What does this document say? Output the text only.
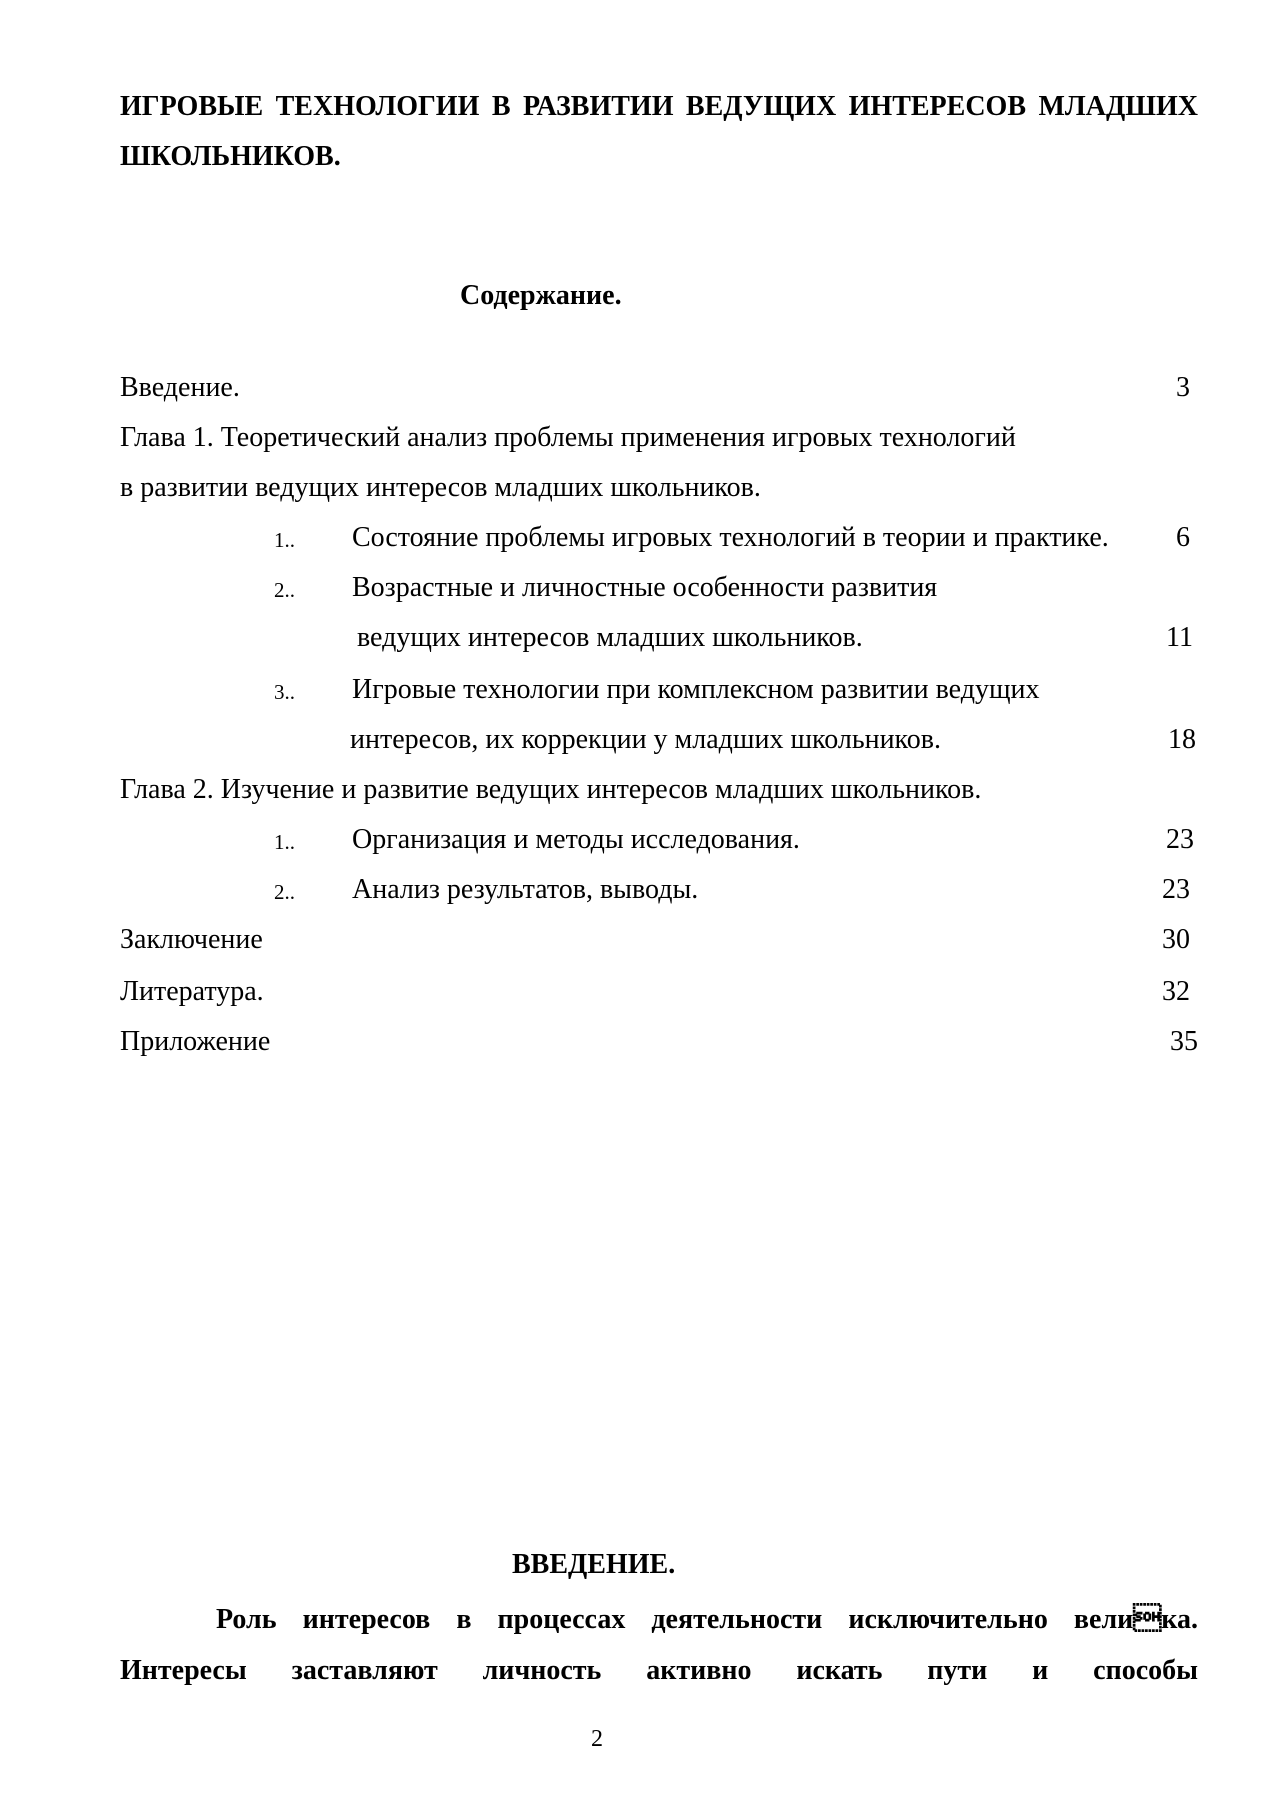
ИГРОВЫЕ ТЕХНОЛОГИИ В РАЗВИТИИ ВЕДУЩИХ ИНТЕРЕСОВ МЛАДШИХ ШКОЛЬНИКОВ.
Содержание.
Введение.	3
Глава 1. Теоретический анализ проблемы применения игровых технологий
в развитии ведущих интересов младших школьников.
1.. Состояние проблемы игровых технологий в теории и практике. 6
2.. Возрастные и личностные особенности развития
ведущих интересов младших школьников.	11
3.. Игровые технологии при комплексном развитии ведущих
интересов, их коррекции у младших школьников.	18
Глава 2. Изучение и развитие ведущих интересов младших школьников.
1.. Организация и методы исследования.	23
2.. Анализ результатов, выводы.	23
Заключение	30
Литература.	32
Приложение	35
ВВЕДЕНИЕ.

Роль интересов в процессах деятельности исключительно велика. Интересы заставляют личность активно искать пути и способы

2
